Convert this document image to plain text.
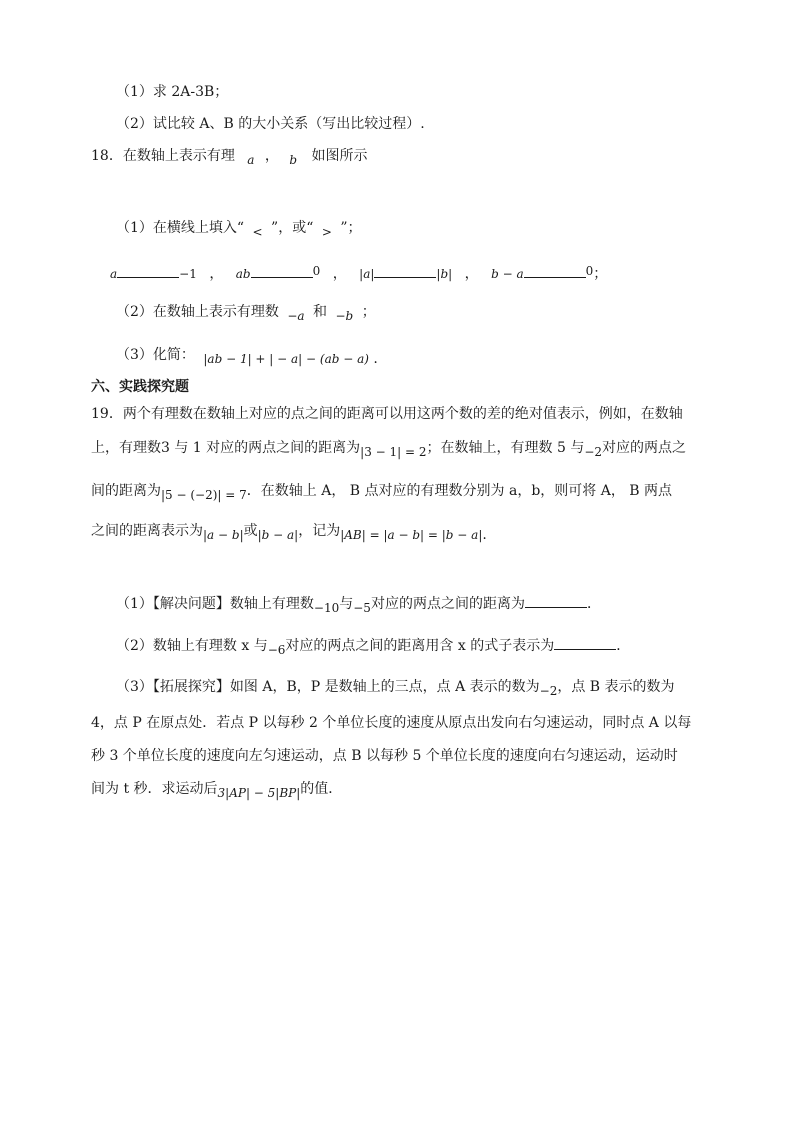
（1）求 2A-3B；
（2）试比较 A、B 的大小关系（写出比较过程）.
18．在数轴上表示有理 a ， b 如图所示
（1）在横线上填入“ < ”，或“ > ”；
a	−1 ， ab	0 ， |a|	|b| ， b − a	0；
（2）在数轴上表示有理数 −a 和 −b ；
（3）化简： |ab − 1| + | − a| − (ab − a) .
六、实践探究题
19．两个有理数在数轴上对应的点之间的距离可以用这两个数的差的绝对值表示，例如，在数轴
上，有理数3 与 1 对应的两点之间的距离为|3 − 1| = 2；在数轴上，有理数 5 与−2对应的两点之
间的距离为|5 − (−2)| = 7．在数轴上 A， B 点对应的有理数分别为 a，b，则可将 A， B 两点
之间的距离表示为|a − b|或|b − a|，记为|AB| = |a − b| = |b − a|.
（1）【解决问题】数轴上有理数−10与−5对应的两点之间的距离为	．
（2）数轴上有理数 x 与−6对应的两点之间的距离用含 x 的式子表示为	．
（3）【拓展探究】如图 A，B，P 是数轴上的三点，点 A 表示的数为−2，点 B 表示的数为
4，点 P 在原点处．若点 P 以每秒 2 个单位长度的速度从原点出发向右匀速运动，同时点 A 以每
秒 3 个单位长度的速度向左匀速运动，点 B 以每秒 5 个单位长度的速度向右匀速运动，运动时
间为 t 秒．求运动后3|AP| − 5|BP|的值．
